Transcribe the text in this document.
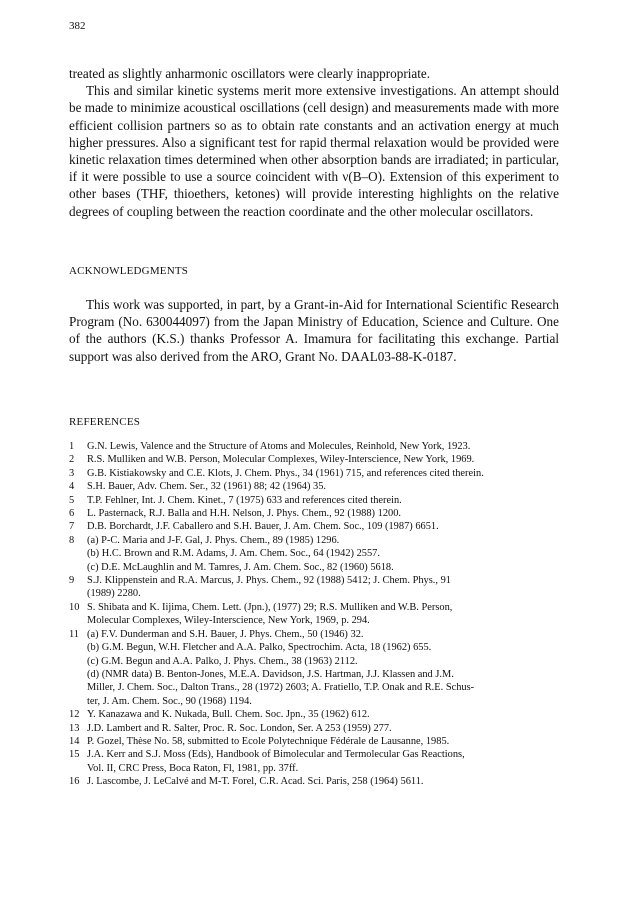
382

treated as slightly anharmonic oscillators were clearly inappropriate.

This and similar kinetic systems merit more extensive investigations. An attempt should be made to minimize acoustical oscillations (cell design) and measurements made with more efficient collision partners so as to obtain rate constants and an activation energy at much higher pressures. Also a significant test for rapid thermal relaxation would be provided were kinetic relaxation times determined when other absorption bands are irradiated; in particular, if it were possible to use a source coincident with ν(B–O). Extension of this experiment to other bases (THF, thioethers, ketones) will provide interesting highlights on the relative degrees of coupling between the reaction coordinate and the other molecular oscillators.

ACKNOWLEDGMENTS

This work was supported, in part, by a Grant-in-Aid for International Scientific Research Program (No. 630044097) from the Japan Ministry of Education, Science and Culture. One of the authors (K.S.) thanks Professor A. Imamura for facilitating this exchange. Partial support was also derived from the ARO, Grant No. DAAL03-88-K-0187.

REFERENCES
1	G.N. Lewis, Valence and the Structure of Atoms and Molecules, Reinhold, New York, 1923.
2	R.S. Mulliken and W.B. Person, Molecular Complexes, Wiley-Interscience, New York, 1969.
3	G.B. Kistiakowsky and C.E. Klots, J. Chem. Phys., 34 (1961) 715, and references cited therein.
4	S.H. Bauer, Adv. Chem. Ser., 32 (1961) 88; 42 (1964) 35.
5	T.P. Fehlner, Int. J. Chem. Kinet., 7 (1975) 633 and references cited therein.
6	L. Pasternack, R.J. Balla and H.H. Nelson, J. Phys. Chem., 92 (1988) 1200.
7	D.B. Borchardt, J.F. Caballero and S.H. Bauer, J. Am. Chem. Soc., 109 (1987) 6651.
8	(a) P-C. Maria and J-F. Gal, J. Phys. Chem., 89 (1985) 1296.
(b) H.C. Brown and R.M. Adams, J. Am. Chem. Soc., 64 (1942) 2557.
(c) D.E. McLaughlin and M. Tamres, J. Am. Chem. Soc., 82 (1960) 5618.
9	S.J. Klippenstein and R.A. Marcus, J. Phys. Chem., 92 (1988) 5412; J. Chem. Phys., 91
(1989) 2280.
10 S. Shibata and K. Iijima, Chem. Lett. (Jpn.), (1977) 29; R.S. Mulliken and W.B. Person,
Molecular Complexes, Wiley-Interscience, New York, 1969, p. 294.
11 (a) F.V. Dunderman and S.H. Bauer, J. Phys. Chem., 50 (1946) 32.
(b) G.M. Begun, W.H. Fletcher and A.A. Palko, Spectrochim. Acta, 18 (1962) 655.
(c) G.M. Begun and A.A. Palko, J. Phys. Chem., 38 (1963) 2112.
(d) (NMR data) B. Benton-Jones, M.E.A. Davidson, J.S. Hartman, J.J. Klassen and J.M.
Miller, J. Chem. Soc., Dalton Trans., 28 (1972) 2603; A. Fratiello, T.P. Onak and R.E. Schus-
ter, J. Am. Chem. Soc., 90 (1968) 1194.
12 Y. Kanazawa and K. Nukada, Bull. Chem. Soc. Jpn., 35 (1962) 612.
13 J.D. Lambert and R. Salter, Proc. R. Soc. London, Ser. A 253 (1959) 277.
14 P. Gozel, Thèse No. 58, submitted to Ecole Polytechnique Fédérale de Lausanne, 1985.
15 J.A. Kerr and S.J. Moss (Eds), Handbook of Bimolecular and Termolecular Gas Reactions,
Vol. II, CRC Press, Boca Raton, Fl, 1981, pp. 37ff.
16 J. Lascombe, J. LeCalvé and M-T. Forel, C.R. Acad. Sci. Paris, 258 (1964) 5611.
